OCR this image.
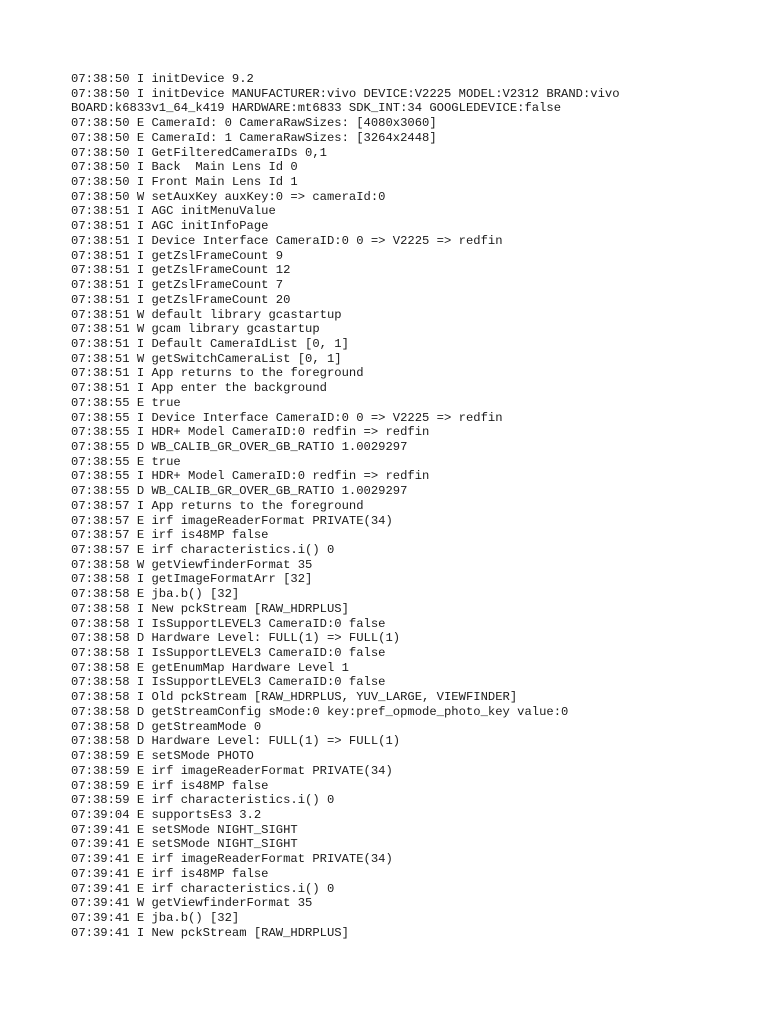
07:38:50 I initDevice 9.2
07:38:50 I initDevice MANUFACTURER:vivo DEVICE:V2225 MODEL:V2312 BRAND:vivo
BOARD:k6833v1_64_k419 HARDWARE:mt6833 SDK_INT:34 GOOGLEDEVICE:false
07:38:50 E CameraId: 0 CameraRawSizes: [4080x3060]
07:38:50 E CameraId: 1 CameraRawSizes: [3264x2448]
07:38:50 I GetFilteredCameraIDs 0,1
07:38:50 I Back  Main Lens Id 0
07:38:50 I Front Main Lens Id 1
07:38:50 W setAuxKey auxKey:0 => cameraId:0
07:38:51 I AGC initMenuValue
07:38:51 I AGC initInfoPage
07:38:51 I Device Interface CameraID:0 0 => V2225 => redfin
07:38:51 I getZslFrameCount 9
07:38:51 I getZslFrameCount 12
07:38:51 I getZslFrameCount 7
07:38:51 I getZslFrameCount 20
07:38:51 W default library gcastartup
07:38:51 W gcam library gcastartup
07:38:51 I Default CameraIdList [0, 1]
07:38:51 W getSwitchCameraList [0, 1]
07:38:51 I App returns to the foreground
07:38:51 I App enter the background
07:38:55 E true
07:38:55 I Device Interface CameraID:0 0 => V2225 => redfin
07:38:55 I HDR+ Model CameraID:0 redfin => redfin
07:38:55 D WB_CALIB_GR_OVER_GB_RATIO 1.0029297
07:38:55 E true
07:38:55 I HDR+ Model CameraID:0 redfin => redfin
07:38:55 D WB_CALIB_GR_OVER_GB_RATIO 1.0029297
07:38:57 I App returns to the foreground
07:38:57 E irf imageReaderFormat PRIVATE(34)
07:38:57 E irf is48MP false
07:38:57 E irf characteristics.i() 0
07:38:58 W getViewfinderFormat 35
07:38:58 I getImageFormatArr [32]
07:38:58 E jba.b() [32]
07:38:58 I New pckStream [RAW_HDRPLUS]
07:38:58 I IsSupportLEVEL3 CameraID:0 false
07:38:58 D Hardware Level: FULL(1) => FULL(1)
07:38:58 I IsSupportLEVEL3 CameraID:0 false
07:38:58 E getEnumMap Hardware Level 1
07:38:58 I IsSupportLEVEL3 CameraID:0 false
07:38:58 I Old pckStream [RAW_HDRPLUS, YUV_LARGE, VIEWFINDER]
07:38:58 D getStreamConfig sMode:0 key:pref_opmode_photo_key value:0
07:38:58 D getStreamMode 0
07:38:58 D Hardware Level: FULL(1) => FULL(1)
07:38:59 E setSMode PHOTO
07:38:59 E irf imageReaderFormat PRIVATE(34)
07:38:59 E irf is48MP false
07:38:59 E irf characteristics.i() 0
07:39:04 E supportsEs3 3.2
07:39:41 E setSMode NIGHT_SIGHT
07:39:41 E setSMode NIGHT_SIGHT
07:39:41 E irf imageReaderFormat PRIVATE(34)
07:39:41 E irf is48MP false
07:39:41 E irf characteristics.i() 0
07:39:41 W getViewfinderFormat 35
07:39:41 E jba.b() [32]
07:39:41 I New pckStream [RAW_HDRPLUS]
